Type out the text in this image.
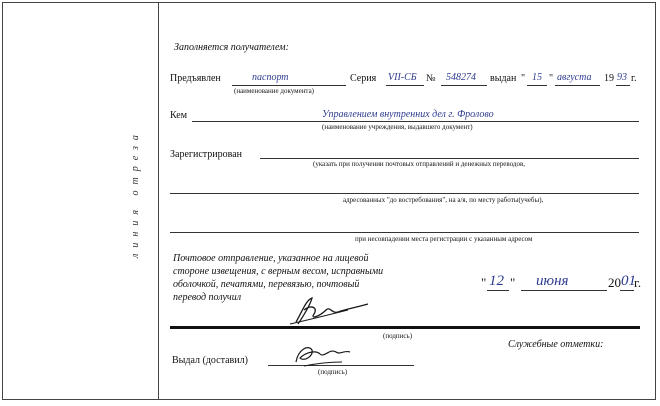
линия отреза
Заполняется получателем:
Предъявлен	паспорт
(наименование документа)
Серия VII-СБ № 548274 выдан " 15 " августа 19 93 г.
Кем	Управлением внутренних дел г. Фролово
(наименование учреждения, выдавшего документ)
Зарегистрирован
(указать при получении почтовых отправлений и денежных переводов,
адресованных "до востребования", на а/я, по месту работы(учебы),
при несовпадении места регистрации с указанным адресом
Почтовое отправление, указанное на лицевой
стороне извещения, с верным весом, исправными
оболочкой, печатями, перевязью, почтовый
перевод получил
" 12 " июня	20 01
г.
(подпись)
Служебные отметки:
Выдал (доставил)
(подпись)
